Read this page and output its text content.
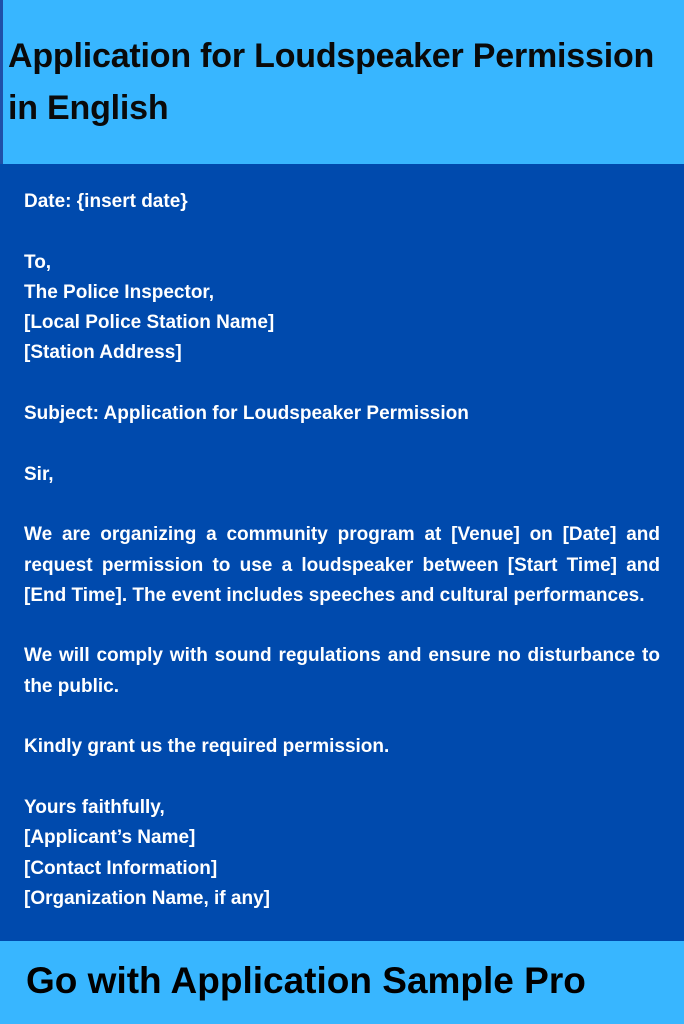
Application for Loudspeaker Permission in English
Date: {insert date}
To,
The Police Inspector,
[Local Police Station Name]
[Station Address]
Subject: Application for Loudspeaker Permission
Sir,
We are organizing a community program at [Venue] on [Date] and request permission to use a loudspeaker between [Start Time] and [End Time]. The event includes speeches and cultural performances.
We will comply with sound regulations and ensure no disturbance to the public.
Kindly grant us the required permission.
Yours faithfully,
[Applicant’s Name]
[Contact Information]
[Organization Name, if any]
Go with Application Sample Pro
